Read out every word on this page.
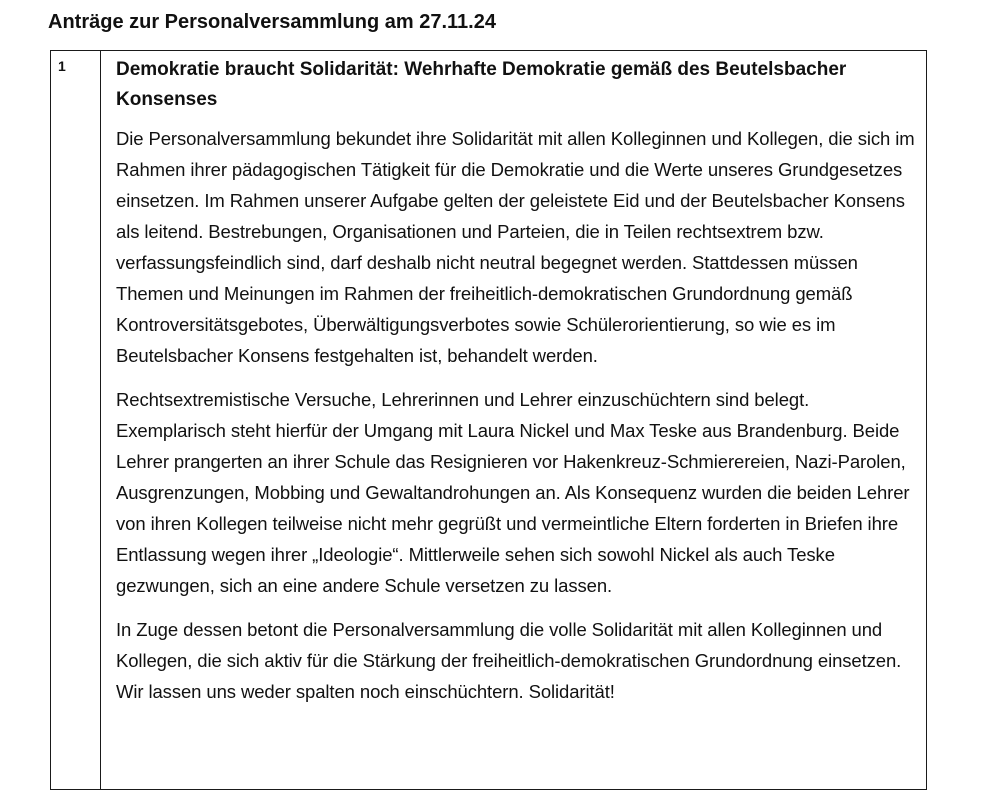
Anträge zur Personalversammlung am 27.11.24
1	Demokratie braucht Solidarität: Wehrhafte Demokratie gemäß des Beutelsbacher Konsenses

Die Personalversammlung bekundet ihre Solidarität mit allen Kolleginnen und Kollegen, die sich im Rahmen ihrer pädagogischen Tätigkeit für die Demokratie und die Werte unseres Grundgesetzes einsetzen. Im Rahmen unserer Aufgabe gelten der geleistete Eid und der Beutelsbacher Konsens als leitend. Bestrebungen, Organisationen und Parteien, die in Teilen rechtsextrem bzw. verfassungsfeindlich sind, darf deshalb nicht neutral begegnet werden. Stattdessen müssen Themen und Meinungen im Rahmen der freiheitlich-demokratischen Grundordnung gemäß Kontroversitätsgebotes, Überwältigungsverbotes sowie Schülerorientierung, so wie es im Beutelsbacher Konsens festgehalten ist, behandelt werden.

Rechtsextremistische Versuche, Lehrerinnen und Lehrer einzuschüchtern sind belegt. Exemplarisch steht hierfür der Umgang mit Laura Nickel und Max Teske aus Brandenburg. Beide Lehrer prangerten an ihrer Schule das Resignieren vor Hakenkreuz-Schmierereien, Nazi-Parolen, Ausgrenzungen, Mobbing und Gewaltandrohungen an. Als Konsequenz wurden die beiden Lehrer von ihren Kollegen teilweise nicht mehr gegrüßt und vermeintliche Eltern forderten in Briefen ihre Entlassung wegen ihrer „Ideologie“. Mittlerweile sehen sich sowohl Nickel als auch Teske gezwungen, sich an eine andere Schule versetzen zu lassen.

In Zuge dessen betont die Personalversammlung die volle Solidarität mit allen Kolleginnen und Kollegen, die sich aktiv für die Stärkung der freiheitlich-demokratischen Grundordnung einsetzen. Wir lassen uns weder spalten noch einschüchtern. Solidarität!
